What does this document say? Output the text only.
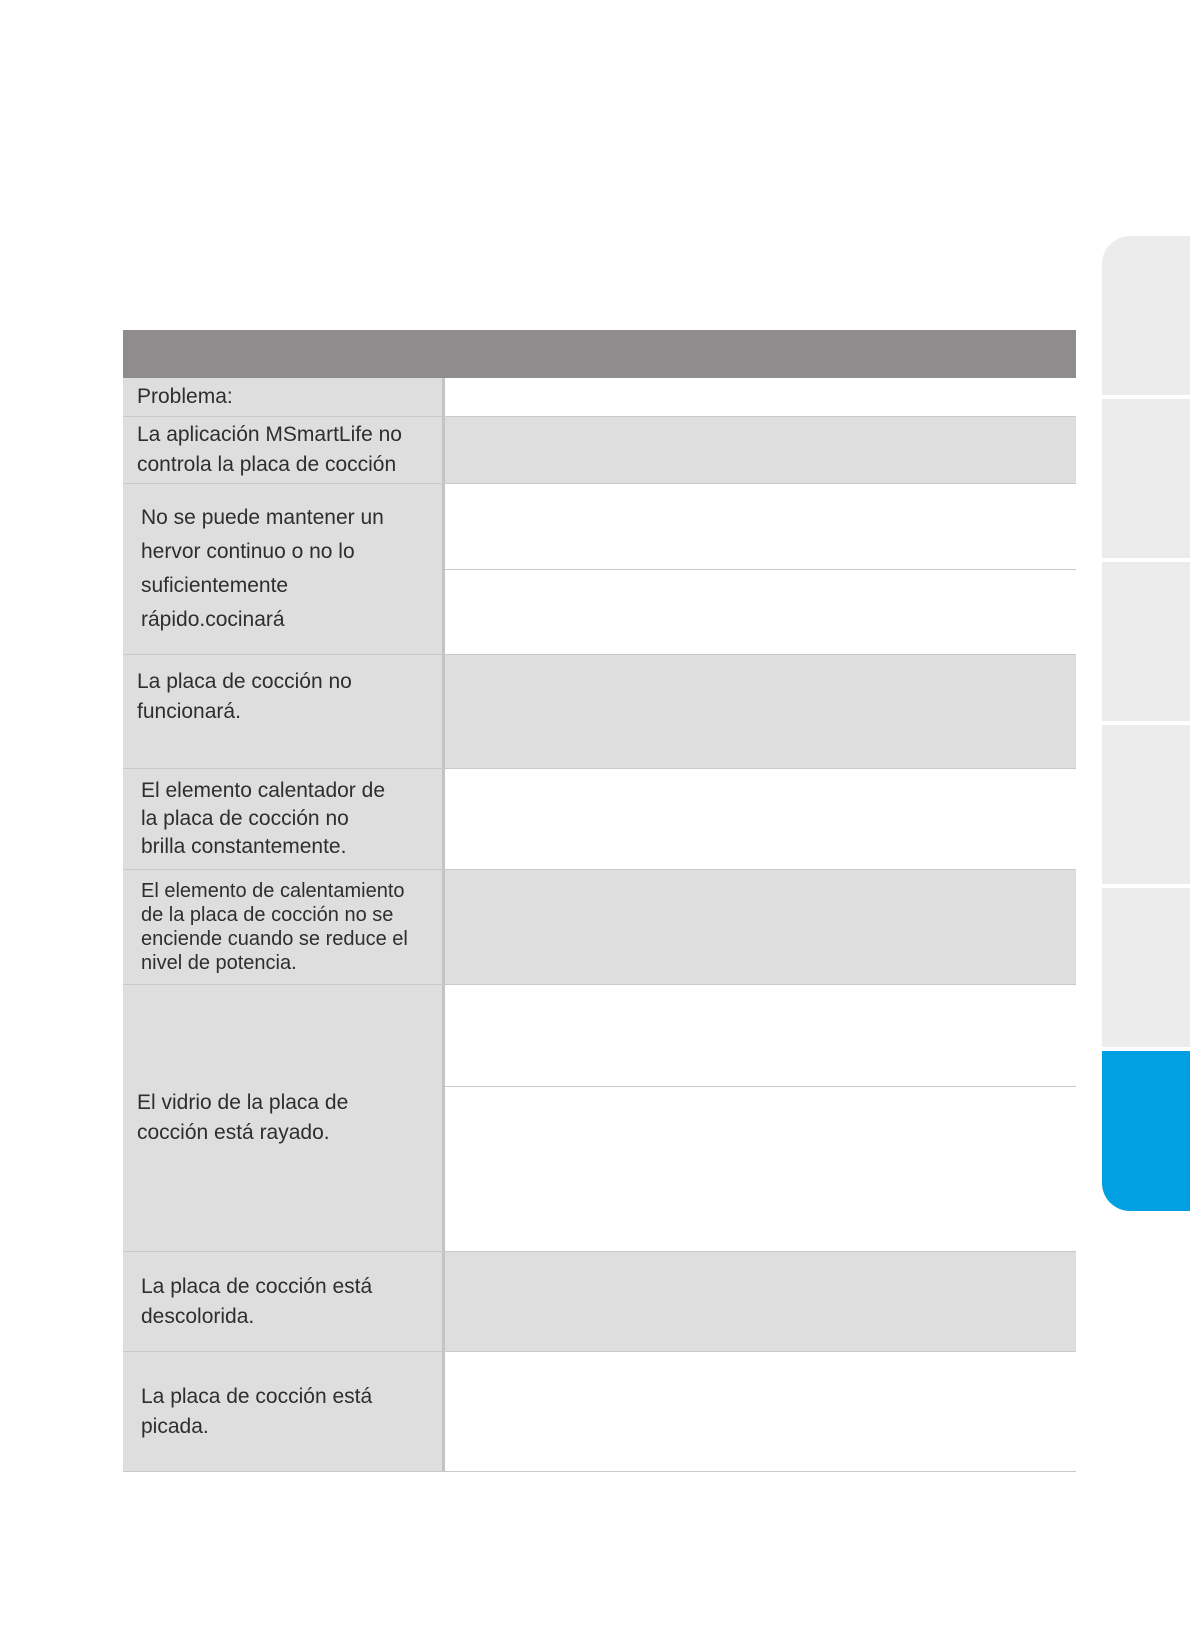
Problema:
La aplicación MSmartLife no
controla la placa de cocción
No se puede mantener un
hervor continuo o no lo
suficientemente
rápido.cocinará
La placa de cocción no
funcionará.
El elemento calentador de
la placa de cocción no
brilla constantemente.
El elemento de calentamiento
de la placa de cocción no se
enciende cuando se reduce el
nivel de potencia.
El vidrio de la placa de
cocción está rayado.
La placa de cocción está
descolorida.
La placa de cocción está
picada.
